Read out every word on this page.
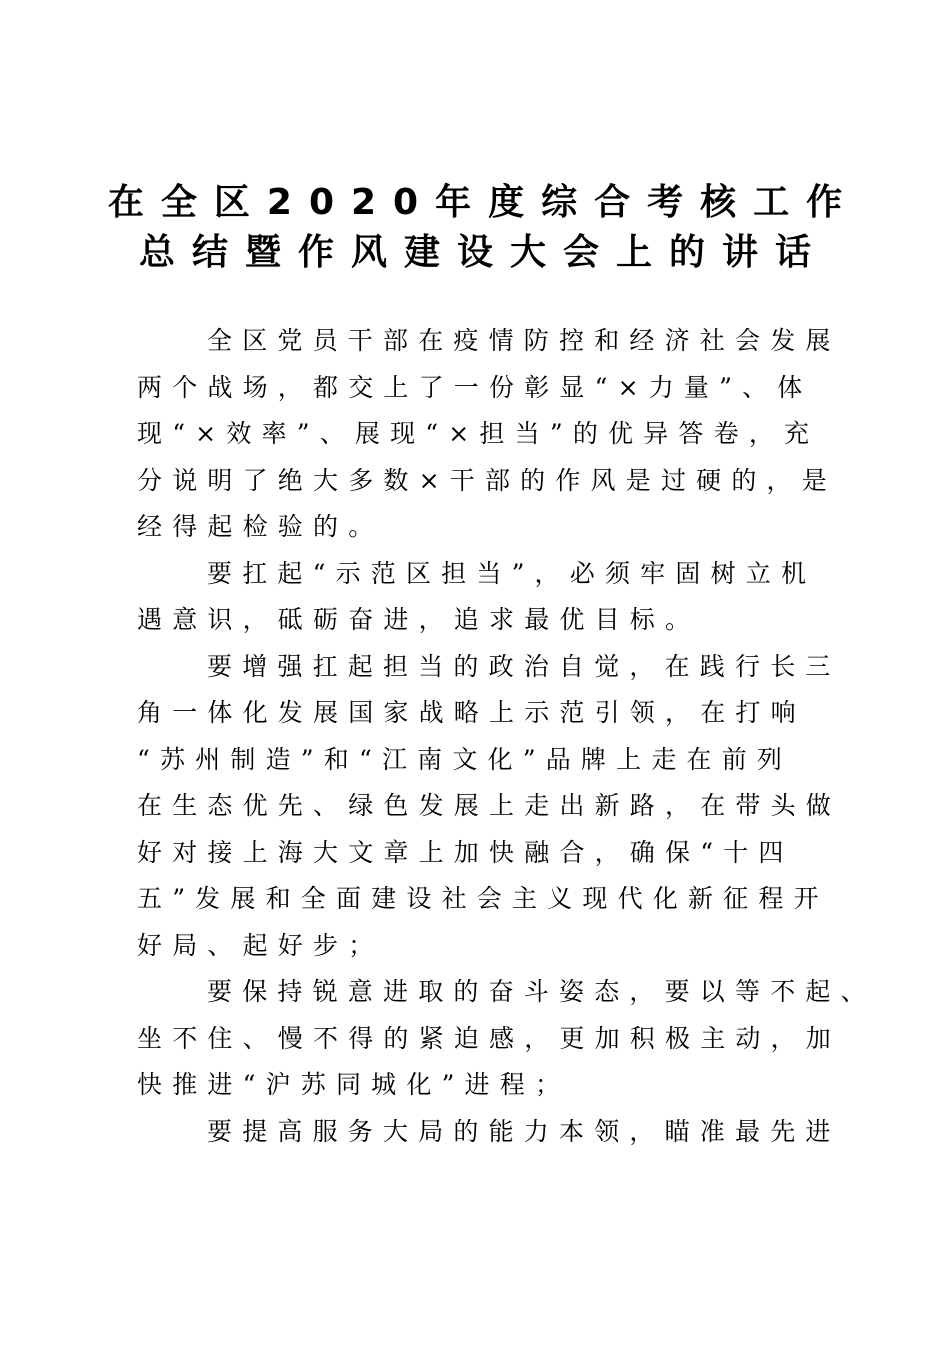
在全区2020年度综合考核工作
总结暨作风建设大会上的讲话
全区党员干部在疫情防控和经济社会发展
两个战场，都交上了一份彰显“×力量”、体
现“×效率”、展现“×担当”的优异答卷，充
分说明了绝大多数×干部的作风是过硬的，是
经得起检验的。
要扛起“示范区担当”，必须牢固树立机
遇意识，砥砺奋进，追求最优目标。
要增强扛起担当的政治自觉，在践行长三
角一体化发展国家战略上示范引领，在打响
“苏州制造”和“江南文化”品牌上走在前列
在生态优先、绿色发展上走出新路，在带头做
好对接上海大文章上加快融合，确保“十四
五”发展和全面建设社会主义现代化新征程开
好局、起好步；
要保持锐意进取的奋斗姿态，要以等不起、
坐不住、慢不得的紧迫感，更加积极主动，加
快推进“沪苏同城化”进程；
要提高服务大局的能力本领，瞄准最先进
